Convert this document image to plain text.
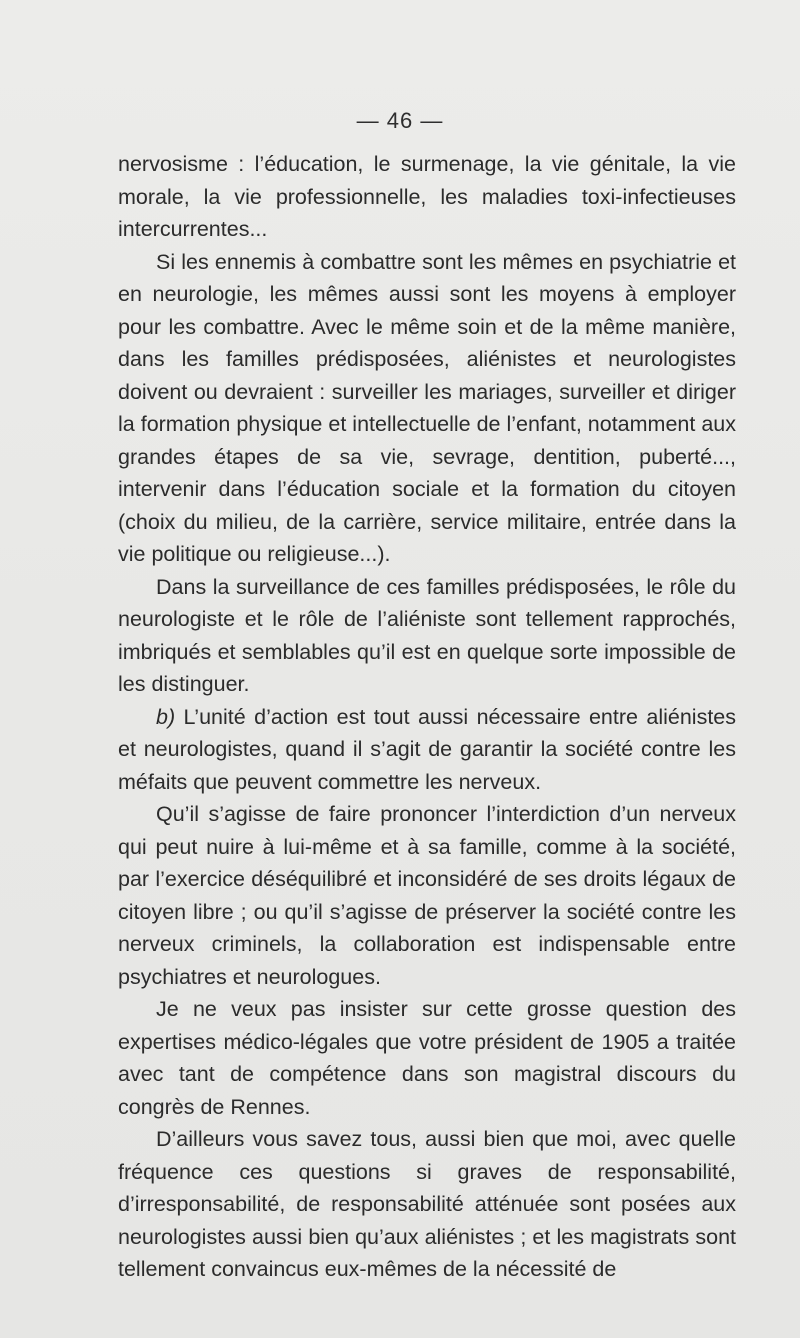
— 46 —

nervosisme : l’éducation, le surmenage, la vie génitale, la vie morale, la vie professionnelle, les maladies toxi-infectieuses intercurrentes...

Si les ennemis à combattre sont les mêmes en psychiatrie et en neurologie, les mêmes aussi sont les moyens à employer pour les combattre. Avec le même soin et de la même manière, dans les familles prédisposées, aliénistes et neurologistes doivent ou devraient : surveiller les mariages, surveiller et diriger la formation physique et intellectuelle de l’enfant, notamment aux grandes étapes de sa vie, sevrage, dentition, puberté..., intervenir dans l’éducation sociale et la formation du citoyen (choix du milieu, de la carrière, service militaire, entrée dans la vie politique ou religieuse...).

Dans la surveillance de ces familles prédisposées, le rôle du neurologiste et le rôle de l’aliéniste sont tellement rapprochés, imbriqués et semblables qu’il est en quelque sorte impossible de les distinguer.

b) L’unité d’action est tout aussi nécessaire entre aliénistes et neurologistes, quand il s’agit de garantir la société contre les méfaits que peuvent commettre les nerveux.

Qu’il s’agisse de faire prononcer l’interdiction d’un nerveux qui peut nuire à lui-même et à sa famille, comme à la société, par l’exercice déséquilibré et inconsidéré de ses droits légaux de citoyen libre ; ou qu’il s’agisse de préserver la société contre les nerveux criminels, la collaboration est indispensable entre psychiatres et neurologues.

Je ne veux pas insister sur cette grosse question des expertises médico-légales que votre président de 1905 a traitée avec tant de compétence dans son magistral discours du congrès de Rennes.

D’ailleurs vous savez tous, aussi bien que moi, avec quelle fréquence ces questions si graves de responsabilité, d’irresponsabilité, de responsabilité atténuée sont posées aux neurologistes aussi bien qu’aux aliénistes ; et les magistrats sont tellement convaincus eux-mêmes de la nécessité de
